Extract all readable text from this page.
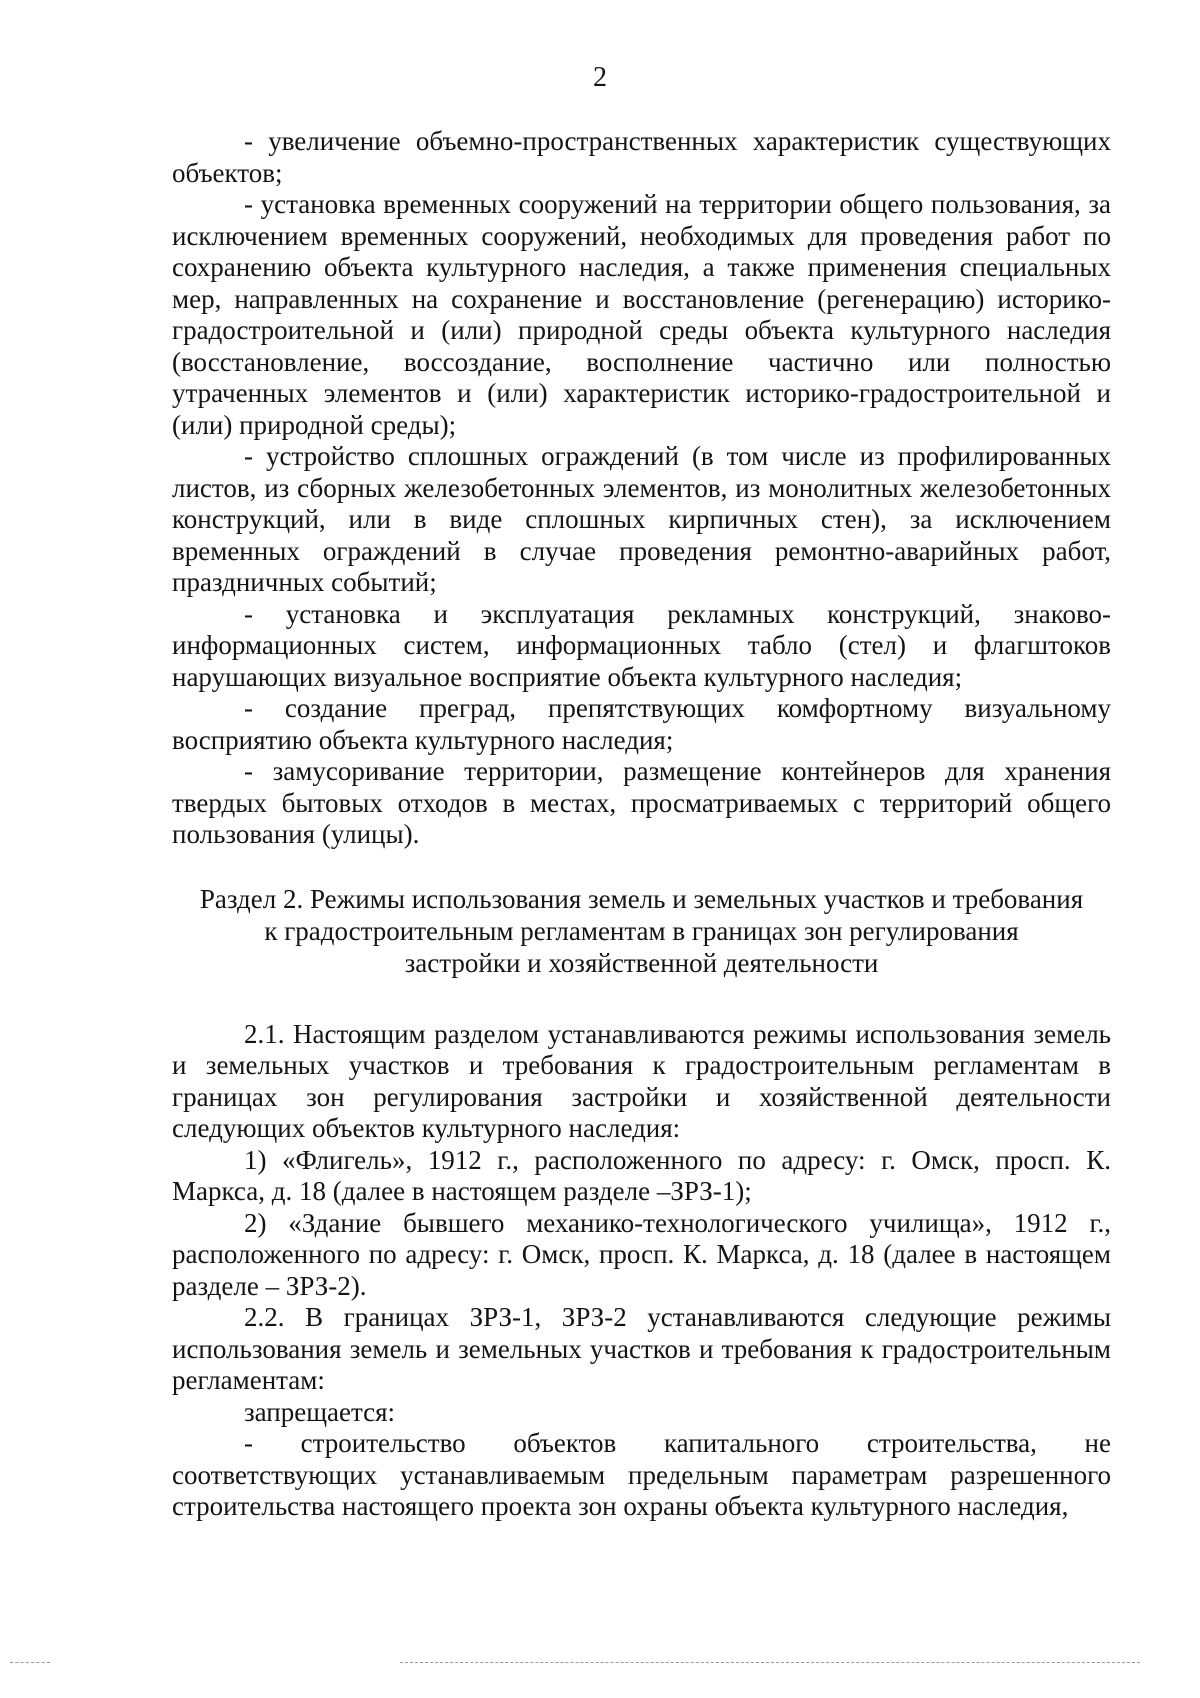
2

- увеличение объемно-пространственных характеристик существующих объектов;

- установка временных сооружений на территории общего пользования, за исключением временных сооружений, необходимых для проведения работ по сохранению объекта культурного наследия, а также применения специальных мер, направленных на сохранение и восстановление (регенерацию) историко-градостроительной и (или) природной среды объекта культурного наследия (восстановление, воссоздание, восполнение частично или полностью утраченных элементов и (или) характеристик историко-градостроительной и (или) природной среды);

- устройство сплошных ограждений (в том числе из профилированных листов, из сборных железобетонных элементов, из монолитных железобетонных конструкций, или в виде сплошных кирпичных стен), за исключением временных ограждений в случае проведения ремонтно-аварийных работ, праздничных событий;

- установка и эксплуатация рекламных конструкций, знаково-информационных систем, информационных табло (стел) и флагштоков нарушающих визуальное восприятие объекта культурного наследия;

- создание преград, препятствующих комфортному визуальному восприятию объекта культурного наследия;

- замусоривание территории, размещение контейнеров для хранения твердых бытовых отходов в местах, просматриваемых с территорий общего пользования (улицы).

Раздел 2. Режимы использования земель и земельных участков и требования
к градостроительным регламентам в границах зон регулирования
застройки и хозяйственной деятельности

2.1. Настоящим разделом устанавливаются режимы использования земель и земельных участков и требования к градостроительным регламентам в границах зон регулирования застройки и хозяйственной деятельности следующих объектов культурного наследия:

1) «Флигель», 1912 г., расположенного по адресу: г. Омск, просп. К. Маркса, д. 18 (далее в настоящем разделе –ЗРЗ-1);

2) «Здание бывшего механико-технологического училища», 1912 г., расположенного по адресу: г. Омск, просп. К. Маркса, д. 18 (далее в настоящем разделе – ЗРЗ-2).

2.2. В границах ЗРЗ-1, ЗРЗ-2 устанавливаются следующие режимы использования земель и земельных участков и требования к градостроительным регламентам:

запрещается:

- строительство объектов капитального строительства, не соответствующих устанавливаемым предельным параметрам разрешенного строительства настоящего проекта зон охраны объекта культурного наследия,
